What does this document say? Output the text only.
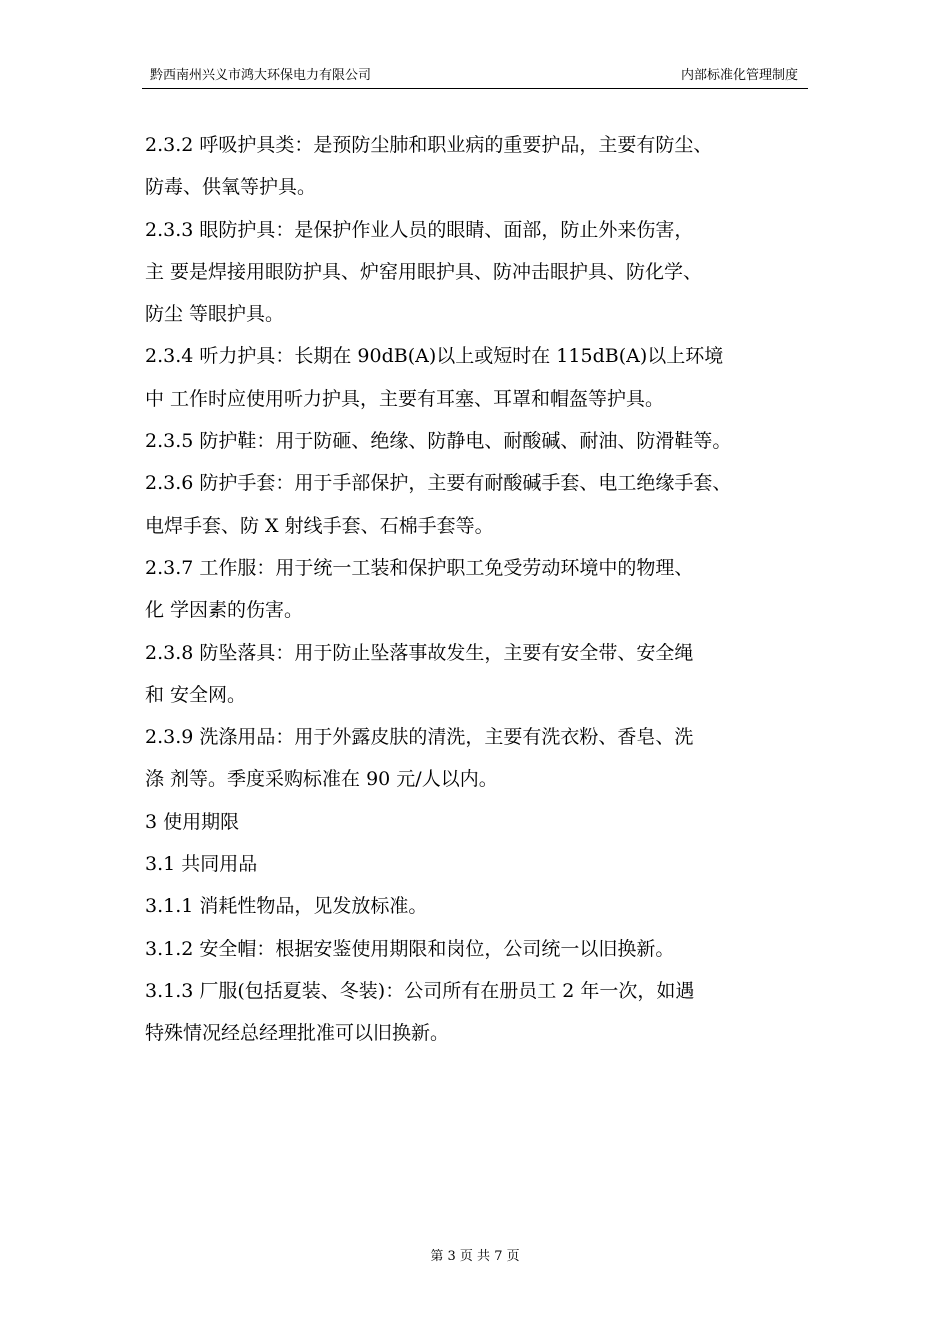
黔西南州兴义市鸿大环保电力有限公司	内部标准化管理制度
2.3.2 呼吸护具类：是预防尘肺和职业病的重要护品，主要有防尘、
防毒、供氧等护具。
2.3.3 眼防护具：是保护作业人员的眼睛、面部，防止外来伤害，
主 要是焊接用眼防护具、炉窑用眼护具、防冲击眼护具、防化学、
防尘 等眼护具。
2.3.4 听力护具：长期在 90dB(A)以上或短时在 115dB(A)以上环境
中 工作时应使用听力护具，主要有耳塞、耳罩和帽盔等护具。
2.3.5 防护鞋：用于防砸、绝缘、防静电、耐酸碱、耐油、防滑鞋等。
2.3.6 防护手套：用于手部保护，主要有耐酸碱手套、电工绝缘手套、
电焊手套、防 X 射线手套、石棉手套等。
2.3.7 工作服：用于统一工装和保护职工免受劳动环境中的物理、
化 学因素的伤害。
2.3.8 防坠落具：用于防止坠落事故发生，主要有安全带、安全绳
和 安全网。
2.3.9 洗涤用品：用于外露皮肤的清洗，主要有洗衣粉、香皂、洗
涤 剂等。季度采购标准在 90 元/人以内。
3 使用期限
3.1 共同用品
3.1.1 消耗性物品，见发放标准。
3.1.2 安全帽：根据安鉴使用期限和岗位，公司统一以旧换新。
3.1.3 厂服(包括夏装、冬装)：公司所有在册员工 2 年一次，如遇
特殊情况经总经理批准可以旧换新。
第 3 页 共 7 页
